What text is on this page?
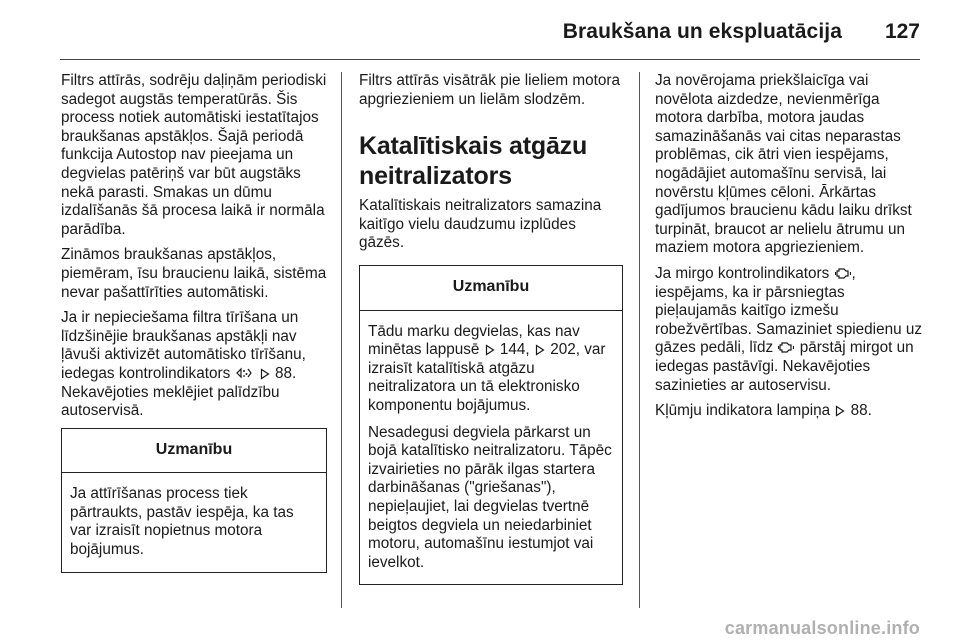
Braukšana un ekspluatācija 127

Filtrs attīrās, sodrēju daļiņām periodiski sadegot augstās temperatūrās. Šis process notiek automātiski iestatītajos braukšanas apstākļos. Šajā periodā funkcija Autostop nav pieejama un degvielas patēriņš var būt augstāks nekā parasti. Smakas un dūmu izdalīšanās šā procesa laikā ir normāla parādība.

Zināmos braukšanas apstākļos, piemēram, īsu braucienu laikā, sistēma nevar pašattīrīties automātiski.

Ja ir nepieciešama filtra tīrīšana un līdzšinējie braukšanas apstākļi nav ļāvuši aktivizēt automātisko tīrīšanu, iedegas kontrolindikators	88. Nekavējoties meklējiet palīdzību autoservisā.

Uzmanību

Ja attīrīšanas process tiek pārtraukts, pastāv iespēja, ka tas var izraisīt nopietnus motora bojājumus.

Filtrs attīrās visātrāk pie lieliem motora apgriezieniem un lielām slodzēm.

Katalītiskais atgāzu neitralizators

Katalītiskais neitralizators samazina kaitīgo vielu daudzumu izplūdes gāzēs.

Uzmanību

Tādu marku degvielas, kas nav minētas lappusē 144, 202, var izraisīt katalītiskā atgāzu neitralizatora un tā elektronisko komponentu bojājumus.

Nesadegusi degviela pārkarst un bojā katalītisko neitralizatoru. Tāpēc izvairieties no pārāk ilgas startera darbināšanas ("griešanas"), nepieļaujiet, lai degvielas tvertnē beigtos degviela un neiedarbiniet motoru, automašīnu iestumjot vai ievelkot.

Ja novērojama priekšlaicīga vai novēlota aizdedze, nevienmērīga motora darbība, motora jaudas samazināšanās vai citas neparastas problēmas, cik ātri vien iespējams, nogādājiet automašīnu servisā, lai novērstu kļūmes cēloni. Ārkārtas gadījumos braucienu kādu laiku drīkst turpināt, braucot ar nelielu ātrumu un maziem motora apgriezieniem.

Ja mirgo kontrolindikators , iespējams, ka ir pārsniegtas pieļaujamās kaitīgo izmešu robežvērtības. Samaziniet spiedienu uz gāzes pedāli, līdz pārstāj mirgot un iedegas pastāvīgi. Nekavējoties sazinieties ar autoservisu.

Kļūmju indikatora lampiņa 88.

carmanualsonline.info
